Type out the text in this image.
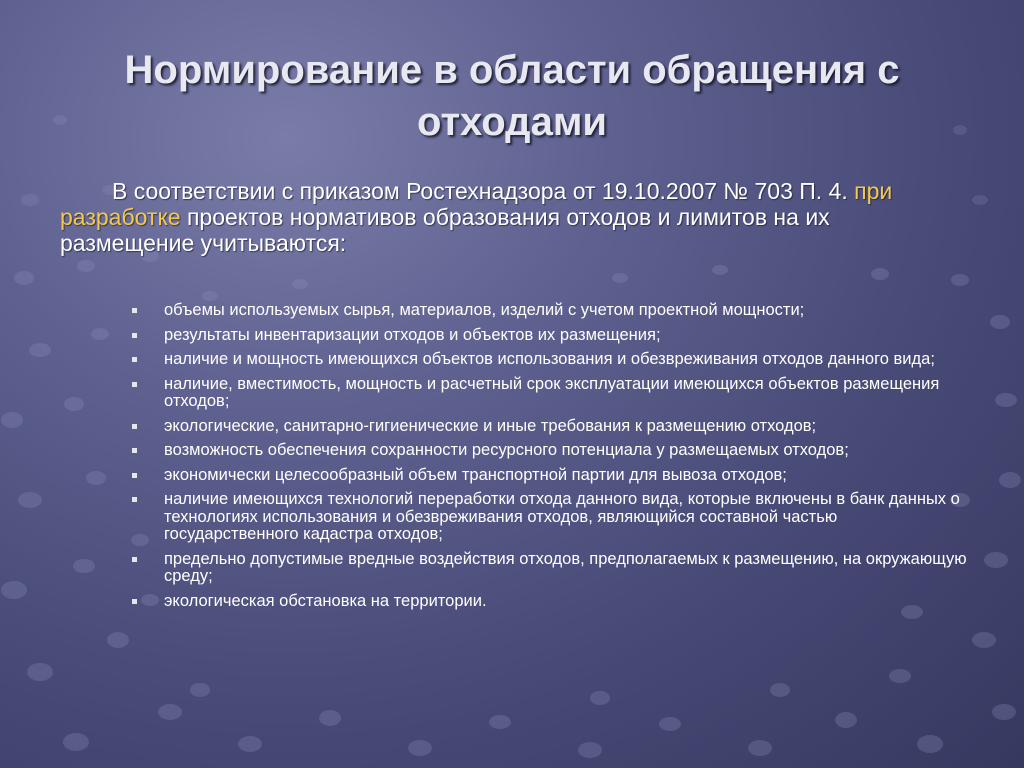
Нормирование в области обращения с отходами

В соответствии с приказом Ростехнадзора от 19.10.2007 № 703 П. 4. при разработке проектов нормативов образования отходов и лимитов на их размещение учитываются:

объемы используемых сырья, материалов, изделий с учетом проектной мощности;
результаты инвентаризации отходов и объектов их размещения;
наличие и мощность имеющихся объектов использования и обезвреживания отходов данного вида;
наличие, вместимость, мощность и расчетный срок эксплуатации имеющихся объектов размещения отходов;
экологические, санитарно-гигиенические и иные требования к размещению отходов;
возможность обеспечения сохранности ресурсного потенциала у размещаемых отходов;
экономически целесообразный объем транспортной партии для вывоза отходов;
наличие имеющихся технологий переработки отхода данного вида, которые включены в банк данных о технологиях использования и обезвреживания отходов, являющийся составной частью государственного кадастра отходов;
предельно допустимые вредные воздействия отходов, предполагаемых к размещению, на окружающую среду;
экологическая обстановка на территории.
